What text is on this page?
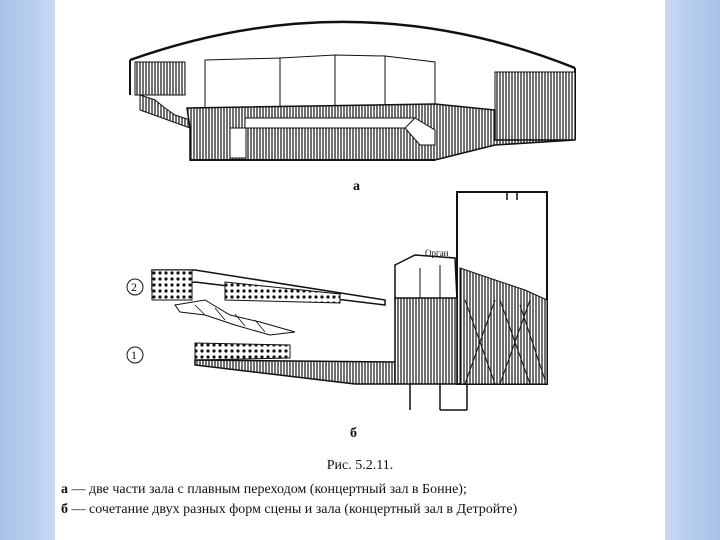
а
Орган
2
1
б
Рис. 5.2.11.
а — две части зала с плавным переходом (концертный зал в Бонне);
б — сочетание двух разных форм сцены и зала (концертный зал в Детройте)
